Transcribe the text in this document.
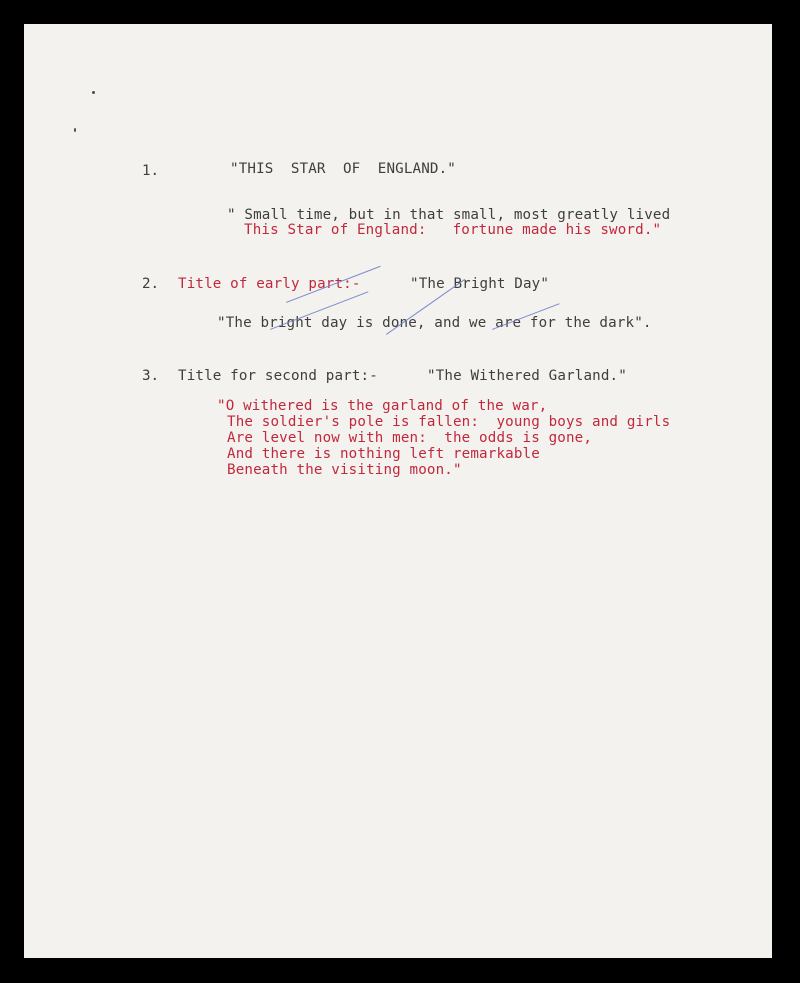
1.	"THIS  STAR  OF  ENGLAND."
" Small time, but in that small, most greatly lived
This Star of England:   fortune made his sword."
2. Title of early part:-	"The Bright Day"
"The bright day is done, and we are for the dark".
3. Title for second part:-	"The Withered Garland."
"O withered is the garland of the war,
The soldier's pole is fallen:  young boys and girls
Are level now with men:  the odds is gone,
And there is nothing left remarkable
Beneath the visiting moon."
